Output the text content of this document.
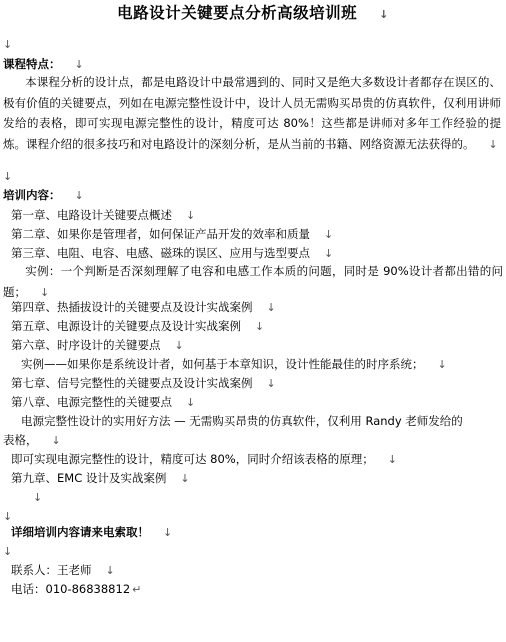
电路设计关键要点分析高级培训班 ↓
↓
课程特点： ↓
本课程分析的设计点，都是电路设计中最常遇到的、同时又是绝大多数设计者都存在误区的、极有价值的关键要点，列如在电源完整性设计中，设计人员无需购买昂贵的仿真软件，仅利用讲师发给的表格，即可实现电源完整性的设计，精度可达 80%！这些都是讲师对多年工作经验的提炼。课程介绍的很多技巧和对电路设计的深刻分析，是从当前的书籍、网络资源无法获得的。 ↓
↓
培训内容： ↓
第一章、电路设计关键要点概述 ↓
第二章、如果你是管理者，如何保证产品开发的效率和质量 ↓
第三章、电阻、电容、电感、磁珠的误区、应用与选型要点 ↓
实例：一个判断是否深刻理解了电容和电感工作本质的问题，同时是 90%设计者都出错的问题； ↓
第四章、热插拔设计的关键要点及设计实战案例 ↓
第五章、电源设计的关键要点及设计实战案例 ↓
第六章、时序设计的关键要点 ↓
实例——如果你是系统设计者，如何基于本章知识，设计性能最佳的时序系统； ↓
第七章、信号完整性的关键要点及设计实战案例 ↓
第八章、电源完整性的关键要点 ↓
电源完整性设计的实用好方法 — 无需购买昂贵的仿真软件，仅利用 Randy 老师发给的
表格， ↓
即可实现电源完整性的设计，精度可达 80%，同时介绍该表格的原理； ↓
第九章、EMC 设计及实战案例 ↓
↓
↓
详细培训内容请来电索取！ ↓
↓
联系人：王老师 ↓
电话：010-86838812 ↵
